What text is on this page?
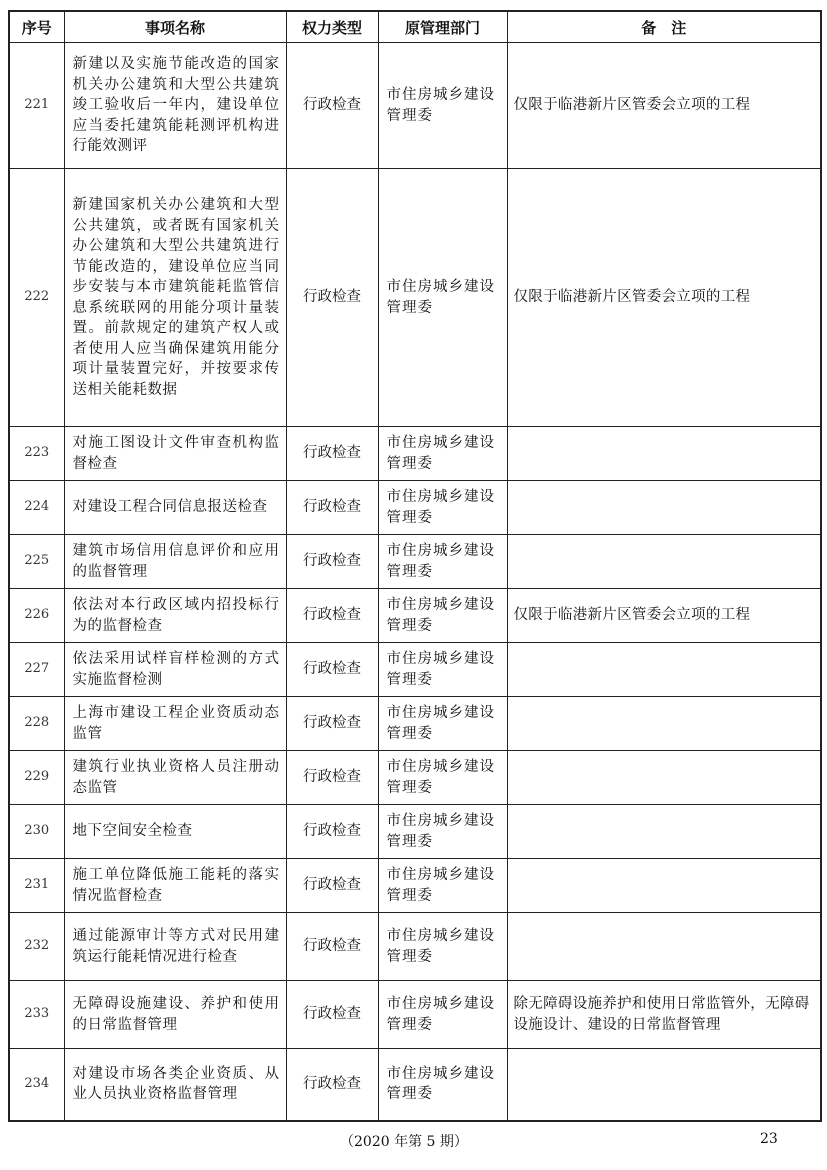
序号	事项名称	权力类型	原管理部门	备　注
221	新建以及实施节能改造的国家机关办公建筑和大型公共建筑竣工验收后一年内，建设单位应当委托建筑能耗测评机构进行能效测评	行政检查	市住房城乡建设管理委	仅限于临港新片区管委会立项的工程
222	新建国家机关办公建筑和大型公共建筑，或者既有国家机关办公建筑和大型公共建筑进行节能改造的，建设单位应当同步安装与本市建筑能耗监管信息系统联网的用能分项计量装置。前款规定的建筑产权人或者使用人应当确保建筑用能分项计量装置完好，并按要求传送相关能耗数据	行政检查	市住房城乡建设管理委	仅限于临港新片区管委会立项的工程
223	对施工图设计文件审查机构监督检查	行政检查	市住房城乡建设管理委	
224	对建设工程合同信息报送检查	行政检查	市住房城乡建设管理委	
225	建筑市场信用信息评价和应用的监督管理	行政检查	市住房城乡建设管理委	
226	依法对本行政区域内招投标行为的监督检查	行政检查	市住房城乡建设管理委	仅限于临港新片区管委会立项的工程
227	依法采用试样盲样检测的方式实施监督检测	行政检查	市住房城乡建设管理委	
228	上海市建设工程企业资质动态监管	行政检查	市住房城乡建设管理委	
229	建筑行业执业资格人员注册动态监管	行政检查	市住房城乡建设管理委	
230	地下空间安全检查	行政检查	市住房城乡建设管理委	
231	施工单位降低施工能耗的落实情况监督检查	行政检查	市住房城乡建设管理委	
232	通过能源审计等方式对民用建筑运行能耗情况进行检查	行政检查	市住房城乡建设管理委	
233	无障碍设施建设、养护和使用的日常监督管理	行政检查	市住房城乡建设管理委	除无障碍设施养护和使用日常监管外，无障碍设施设计、建设的日常监督管理
234	对建设市场各类企业资质、从业人员执业资格监督管理	行政检查	市住房城乡建设管理委	
（2020 年第 5 期）	23
